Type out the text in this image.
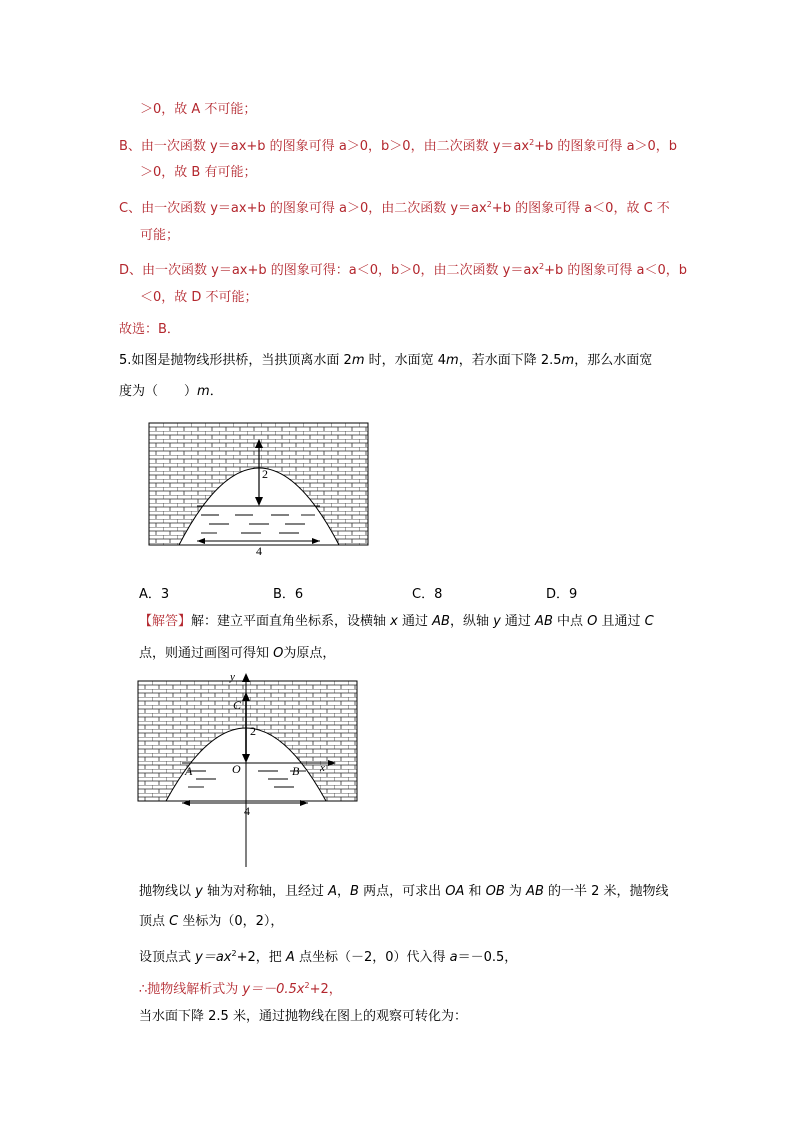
＞0，故 A 不可能；
B、由一次函数 y＝ax+b 的图象可得 a＞0，b＞0，由二次函数 $y=ax^2+b$ 的图象可得 a＞0，b
＞0，故 B 有可能；
C、由一次函数 y＝ax+b 的图象可得 a＞0，由二次函数 $y=ax^2+b$ 的图象可得 a＜0，故 C 不
可能；
D、由一次函数 y＝ax+b 的图象可得：a＜0，b＞0，由二次函数 $y=ax^2+b$ 的图象可得 a＜0，b
＜0，故 D 不可能；
故选：B．
5.如图是抛物线形拱桥，当拱顶离水面 2m 时，水面宽 4m，若水面下降 2.5m，那么水面宽
度为（　　）m．
2
4
A．3	B．6	C．8	D．9
【解答】解：建立平面直角坐标系，设横轴 x 通过 AB，纵轴 y 通过 AB 中点 O 且通过 C
点，则通过画图可得知 O为原点，
x
y
C
2
A	O	B
4
抛物线以 y 轴为对称轴，且经过 A，B 两点，可求出 OA 和 OB 为 AB 的一半 2 米，抛物线
顶点 C 坐标为（0，2），
设顶点式 $y=ax^2+2$，把 A 点坐标（－2，0）代入得 a＝－0.5，
∴抛物线解析式为 $y=-0.5x^2+2$，
当水面下降 2.5 米，通过抛物线在图上的观察可转化为：
